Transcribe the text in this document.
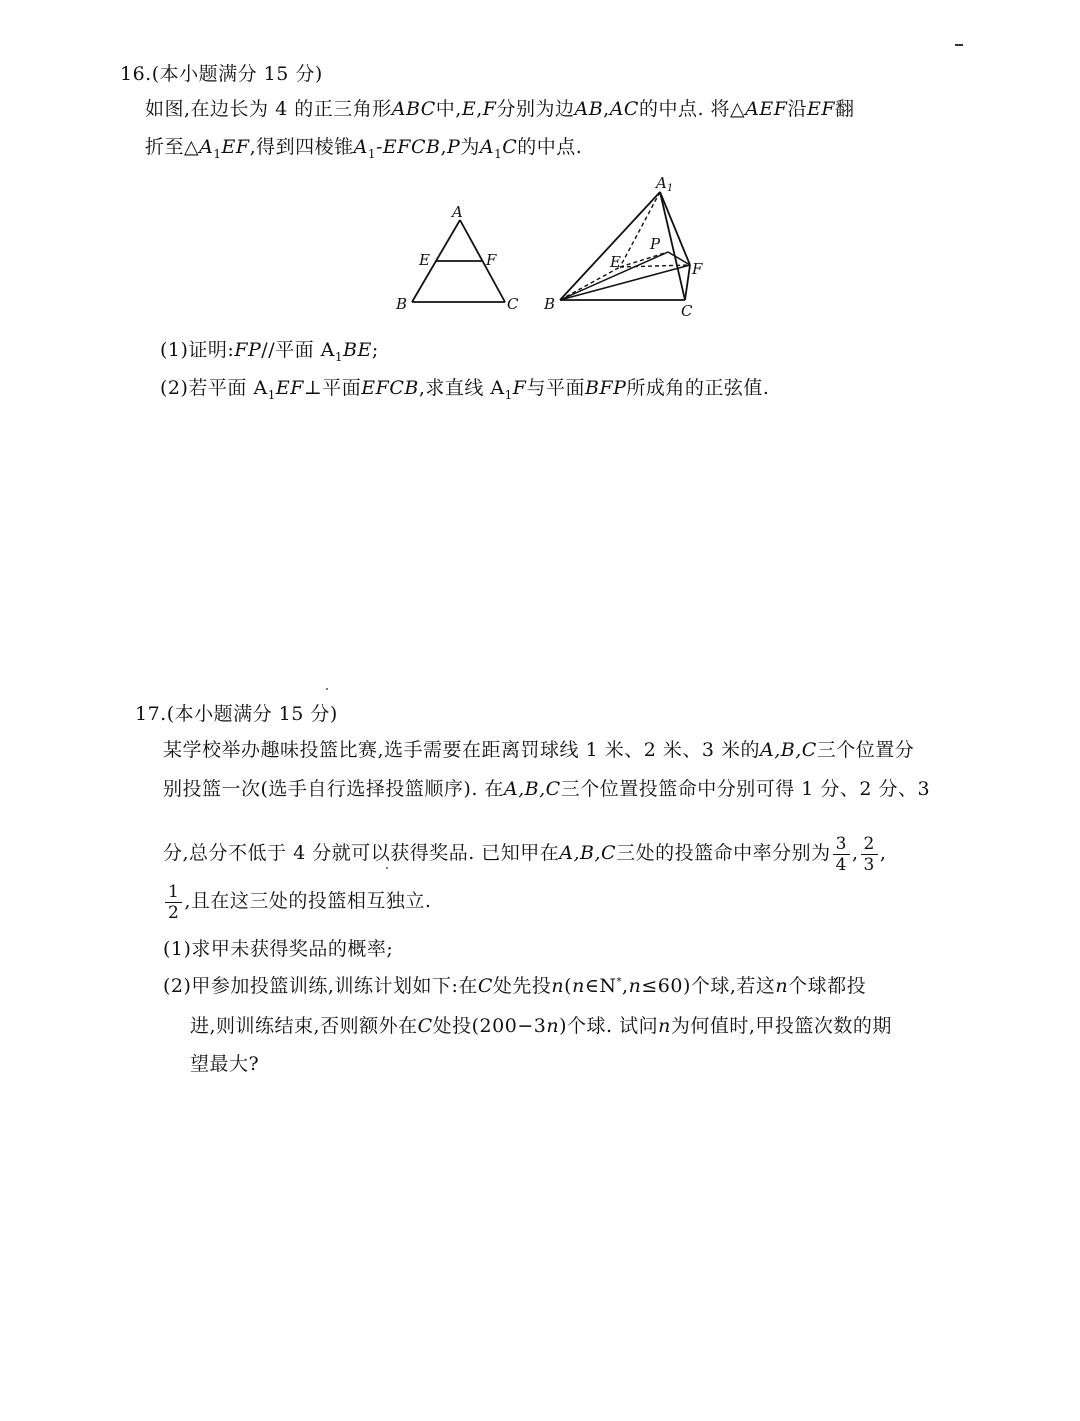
16.(本小题满分 15 分)
如图,在边长为 4 的正三角形ABC中,E,F分别为边AB,AC的中点. 将△AEF沿EF翻
折至$\triangle A_1EF$,得到四棱锥$A_1-EFCB,P$为$A_1C$的中点.
A
E	F
B	C
$A_1$
P
E	F
B	C
(1)证明:FP//平面 $A_1BE$;
(2)若平面 $A_1EF\perp$平面EFCB,求直线 $A_1F$与平面BFP所成角的正弦值.
17.(本小题满分 15 分)
某学校举办趣味投篮比赛,选手需要在距离罚球线 1 米、2 米、3 米的A,B,C三个位置分
别投篮一次(选手自行选择投篮顺序). 在A,B,C三个位置投篮命中分别可得 1 分、2 分、3
分,总分不低于 4 分就可以获得奖品. 已知甲在A,B,C三处的投篮命中率分别为 $\frac{3}{4}$ , $\frac{2}{3}$ ,
$\frac{1}{2}$ ,且在这三处的投篮相互独立.
(1)求甲未获得奖品的概率;
(2)甲参加投篮训练,训练计划如下:在C处先投n(n∈N*,n≤60)个球,若这n个球都投
进,则训练结束,否则额外在C处投(200−3n)个球. 试问n为何值时,甲投篮次数的期
望最大?
